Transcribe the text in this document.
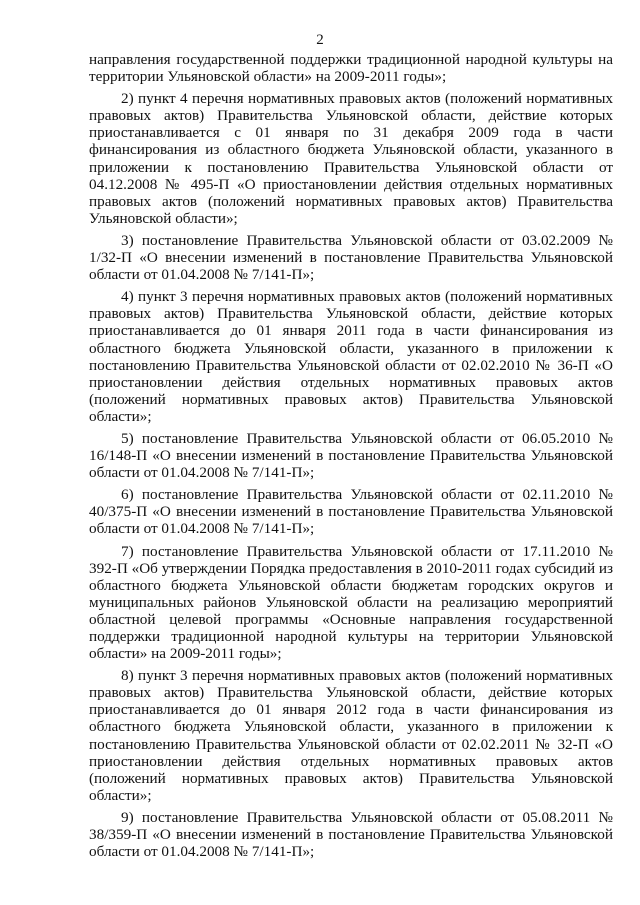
2

направления государственной поддержки традиционной народной культуры на территории Ульяновской области» на 2009-2011 годы»;

2) пункт 4 перечня нормативных правовых актов (положений нормативных правовых актов) Правительства Ульяновской области, действие которых приостанавливается с 01 января по 31 декабря 2009 года в части финансирования из областного бюджета Ульяновской области, указанного в приложении к постановлению Правительства Ульяновской области от 04.12.2008 № 495-П «О приостановлении действия отдельных нормативных правовых актов (положений нормативных правовых актов) Правительства Ульяновской области»;

3) постановление Правительства Ульяновской области от 03.02.2009 № 1/32-П «О внесении изменений в постановление Правительства Ульяновской области от 01.04.2008 № 7/141-П»;

4) пункт 3 перечня нормативных правовых актов (положений нормативных правовых актов) Правительства Ульяновской области, действие которых приостанавливается до 01 января 2011 года в части финансирования из областного бюджета Ульяновской области, указанного в приложении к постановлению Правительства Ульяновской области от 02.02.2010 № 36-П «О приостановлении действия отдельных нормативных правовых актов (положений нормативных правовых актов) Правительства Ульяновской области»;

5) постановление Правительства Ульяновской области от 06.05.2010 № 16/148-П «О внесении изменений в постановление Правительства Ульяновской области от 01.04.2008 № 7/141-П»;

6) постановление Правительства Ульяновской области от 02.11.2010 № 40/375-П «О внесении изменений в постановление Правительства Ульяновской области от 01.04.2008 № 7/141-П»;

7) постановление Правительства Ульяновской области от 17.11.2010 № 392-П «Об утверждении Порядка предоставления в 2010-2011 годах субсидий из областного бюджета Ульяновской области бюджетам городских округов и муниципальных районов Ульяновской области на реализацию мероприятий областной целевой программы «Основные направления государственной поддержки традиционной народной культуры на территории Ульяновской области» на 2009-2011 годы»;

8) пункт 3 перечня нормативных правовых актов (положений нормативных правовых актов) Правительства Ульяновской области, действие которых приостанавливается до 01 января 2012 года в части финансирования из областного бюджета Ульяновской области, указанного в приложении к постановлению Правительства Ульяновской области от 02.02.2011 № 32-П «О приостановлении действия отдельных нормативных правовых актов (положений нормативных правовых актов) Правительства Ульяновской области»;

9) постановление Правительства Ульяновской области от 05.08.2011 № 38/359-П «О внесении изменений в постановление Правительства Ульяновской области от 01.04.2008 № 7/141-П»;
